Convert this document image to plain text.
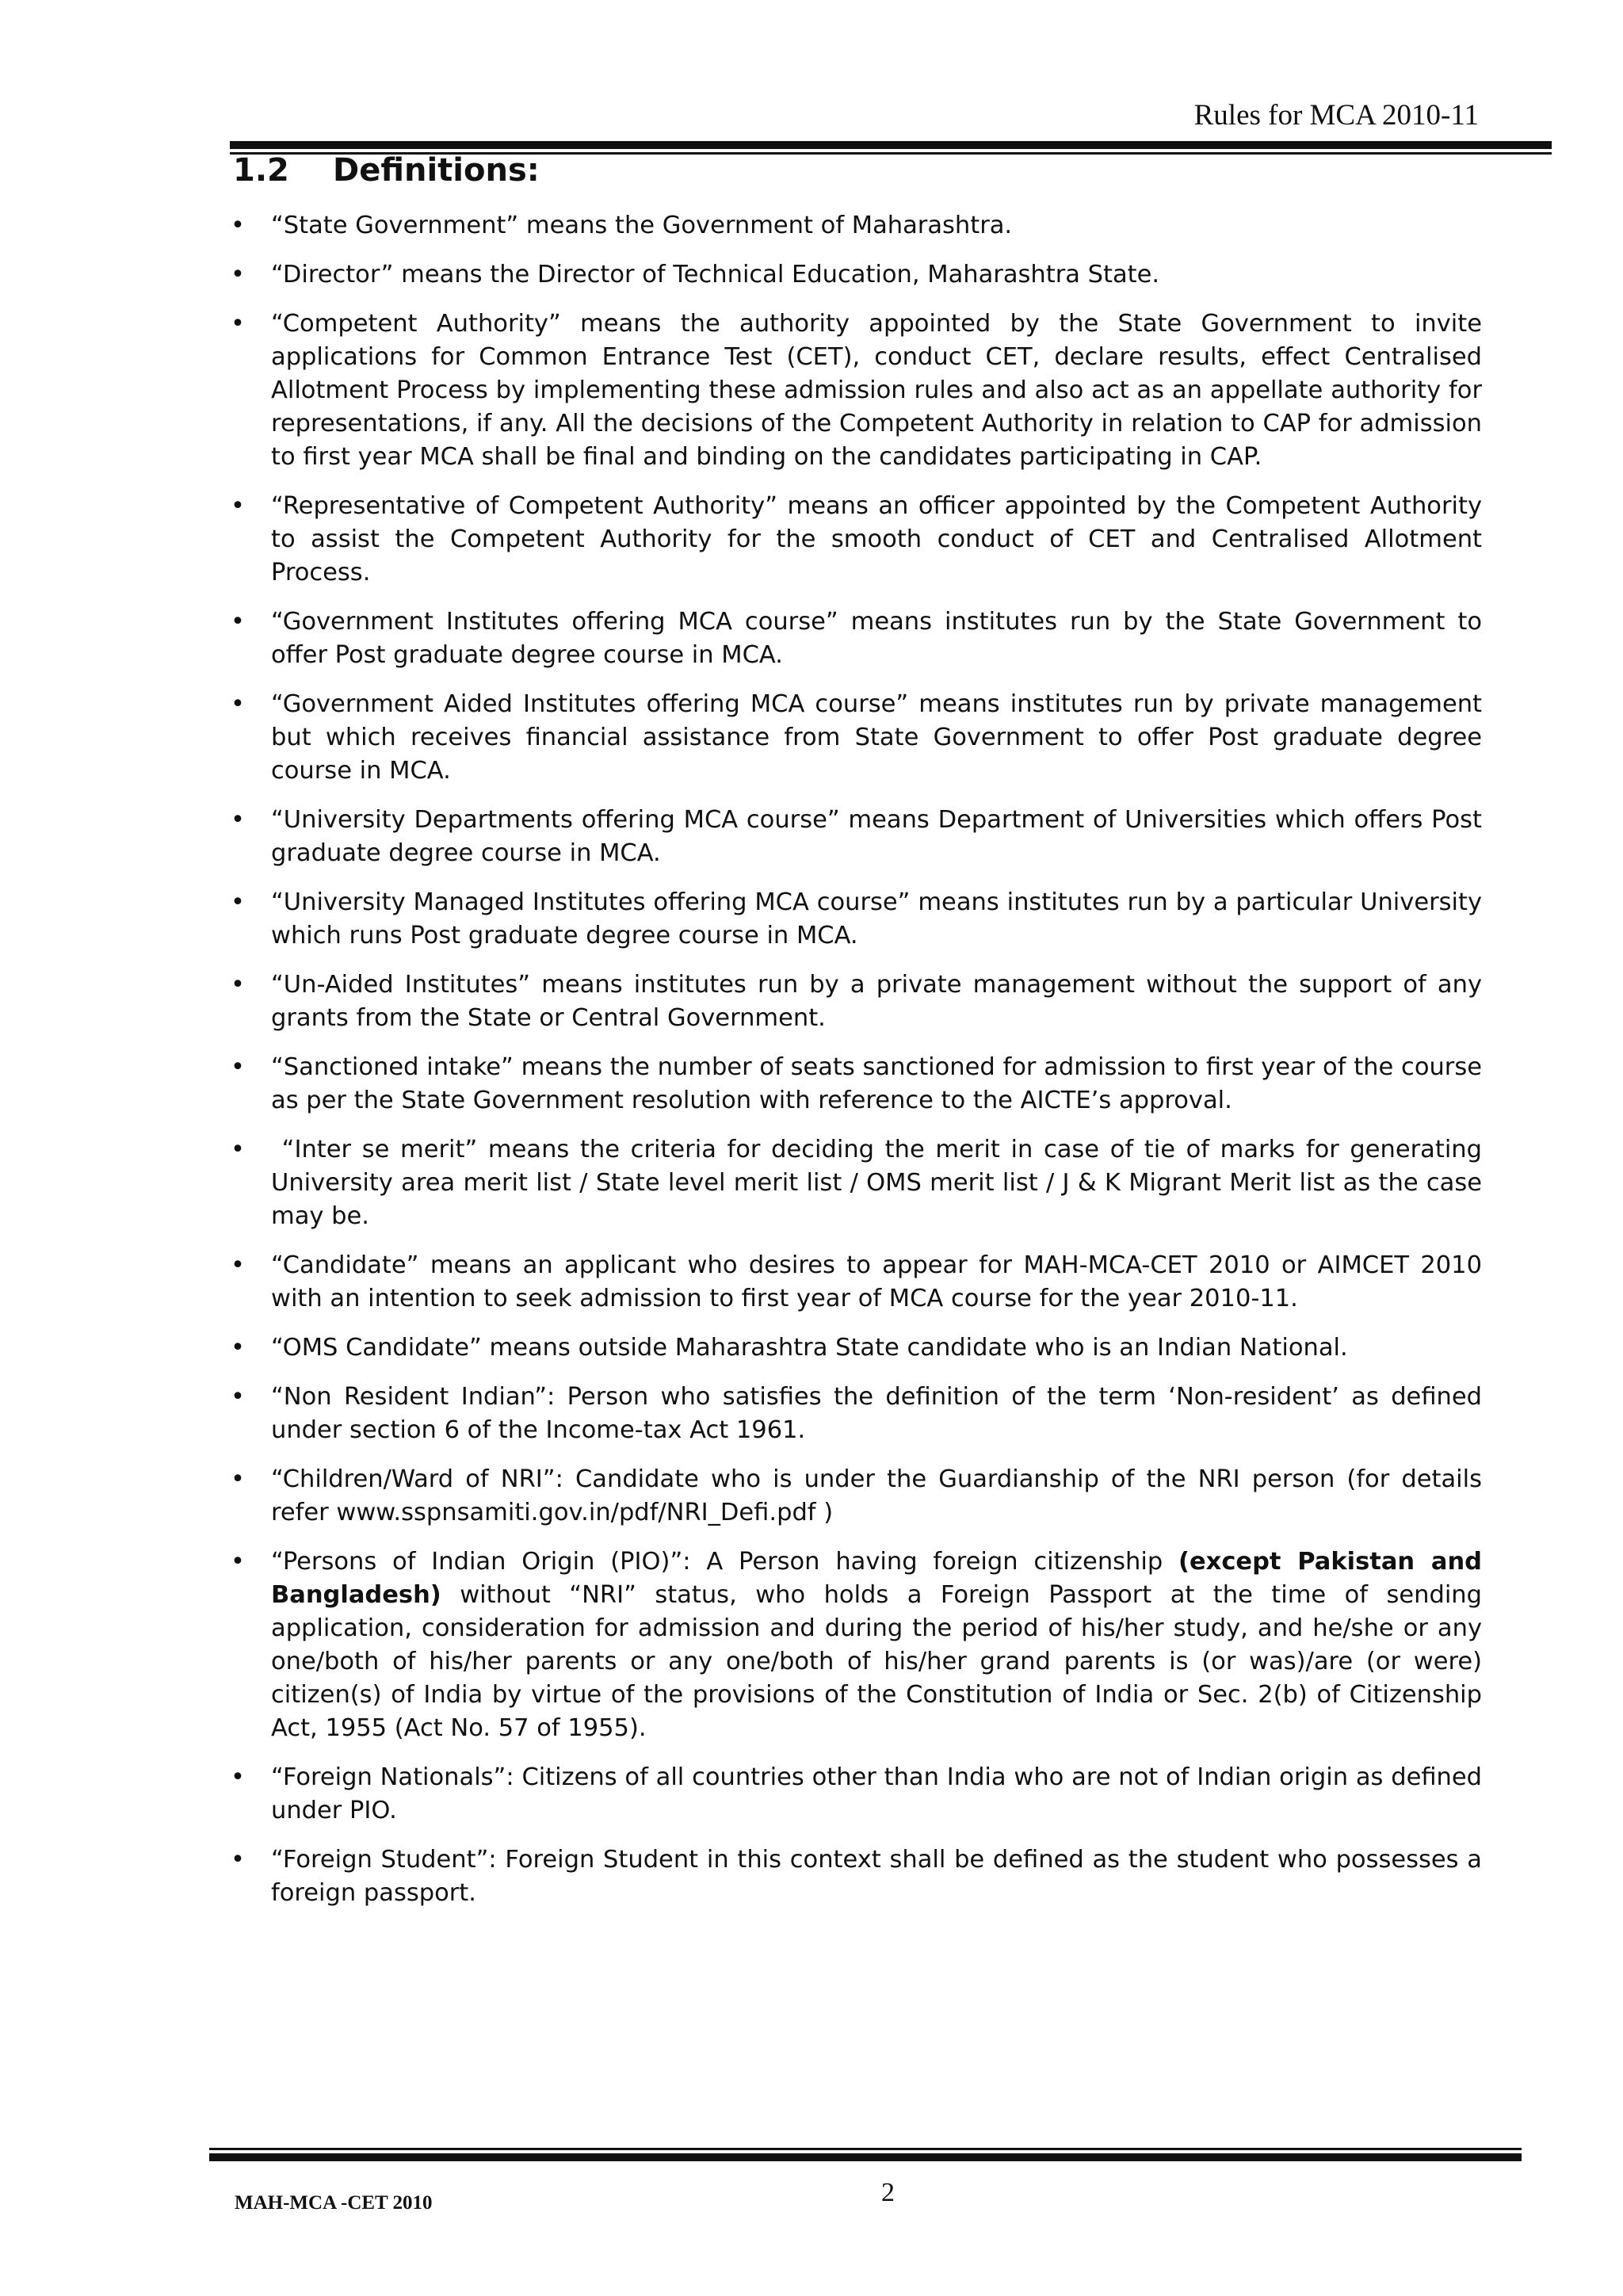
Rules for MCA 2010-11
1.2 Definitions:
• “State Government” means the Government of Maharashtra.
• “Director” means the Director of Technical Education, Maharashtra State.
• “Competent Authority” means the authority appointed by the State Government to invite applications for Common Entrance Test (CET), conduct CET, declare results, effect Centralised Allotment Process by implementing these admission rules and also act as an appellate authority for representations, if any. All the decisions of the Competent Authority in relation to CAP for admission to first year MCA shall be final and binding on the candidates participating in CAP.
• “Representative of Competent Authority” means an officer appointed by the Competent Authority to assist the Competent Authority for the smooth conduct of CET and Centralised Allotment Process.
• “Government Institutes offering MCA course” means institutes run by the State Government to offer Post graduate degree course in MCA.
• “Government Aided Institutes offering MCA course” means institutes run by private management but which receives financial assistance from State Government to offer Post graduate degree course in MCA.
• “University Departments offering MCA course” means Department of Universities which offers Post graduate degree course in MCA.
• “University Managed Institutes offering MCA course” means institutes run by a particular University which runs Post graduate degree course in MCA.
• “Un-Aided Institutes” means institutes run by a private management without the support of any grants from the State or Central Government.
• “Sanctioned intake” means the number of seats sanctioned for admission to first year of the course as per the State Government resolution with reference to the AICTE’s approval.
• “Inter se merit” means the criteria for deciding the merit in case of tie of marks for generating University area merit list / State level merit list / OMS merit list / J & K Migrant Merit list as the case may be.
• “Candidate” means an applicant who desires to appear for MAH-MCA-CET 2010 or AIMCET 2010 with an intention to seek admission to first year of MCA course for the year 2010-11.
• “OMS Candidate” means outside Maharashtra State candidate who is an Indian National.
• “Non Resident Indian”: Person who satisfies the definition of the term ‘Non-resident’ as defined under section 6 of the Income-tax Act 1961.
• “Children/Ward of NRI”: Candidate who is under the Guardianship of the NRI person (for details refer www.sspnsamiti.gov.in/pdf/NRI_Defi.pdf )
• “Persons of Indian Origin (PIO)”: A Person having foreign citizenship (except Pakistan and Bangladesh) without “NRI” status, who holds a Foreign Passport at the time of sending application, consideration for admission and during the period of his/her study, and he/she or any one/both of his/her parents or any one/both of his/her grand parents is (or was)/are (or were) citizen(s) of India by virtue of the provisions of the Constitution of India or Sec. 2(b) of Citizenship Act, 1955 (Act No. 57 of 1955).
• “Foreign Nationals”: Citizens of all countries other than India who are not of Indian origin as defined under PIO.
• “Foreign Student”: Foreign Student in this context shall be defined as the student who possesses a foreign passport.
MAH-MCA -CET 2010	2
